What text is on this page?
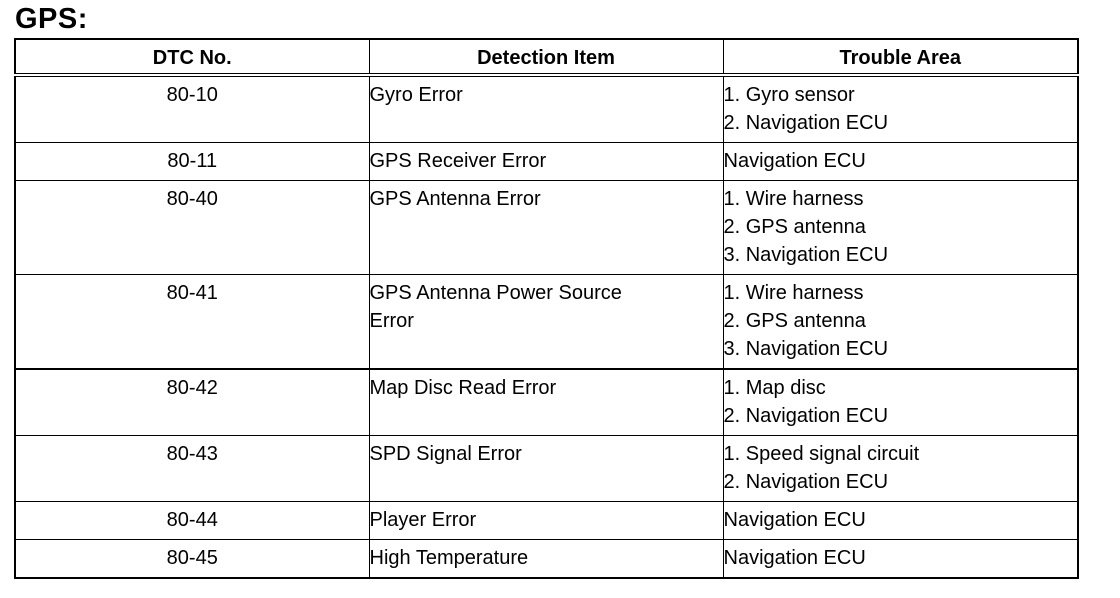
GPS:
DTC No.	Detection Item	Trouble Area
80-10	Gyro Error	1. Gyro sensor
2. Navigation ECU

80-11	GPS Receiver Error	Navigation ECU

80-40	GPS Antenna Error	1. Wire harness
2. GPS antenna
3. Navigation ECU

80-41	GPS Antenna Power Source
Error	1. Wire harness
2. GPS antenna
3. Navigation ECU

80-42	Map Disc Read Error	1. Map disc
2. Navigation ECU

80-43	SPD Signal Error	1. Speed signal circuit
2. Navigation ECU

80-44	Player Error	Navigation ECU

80-45	High Temperature	Navigation ECU
